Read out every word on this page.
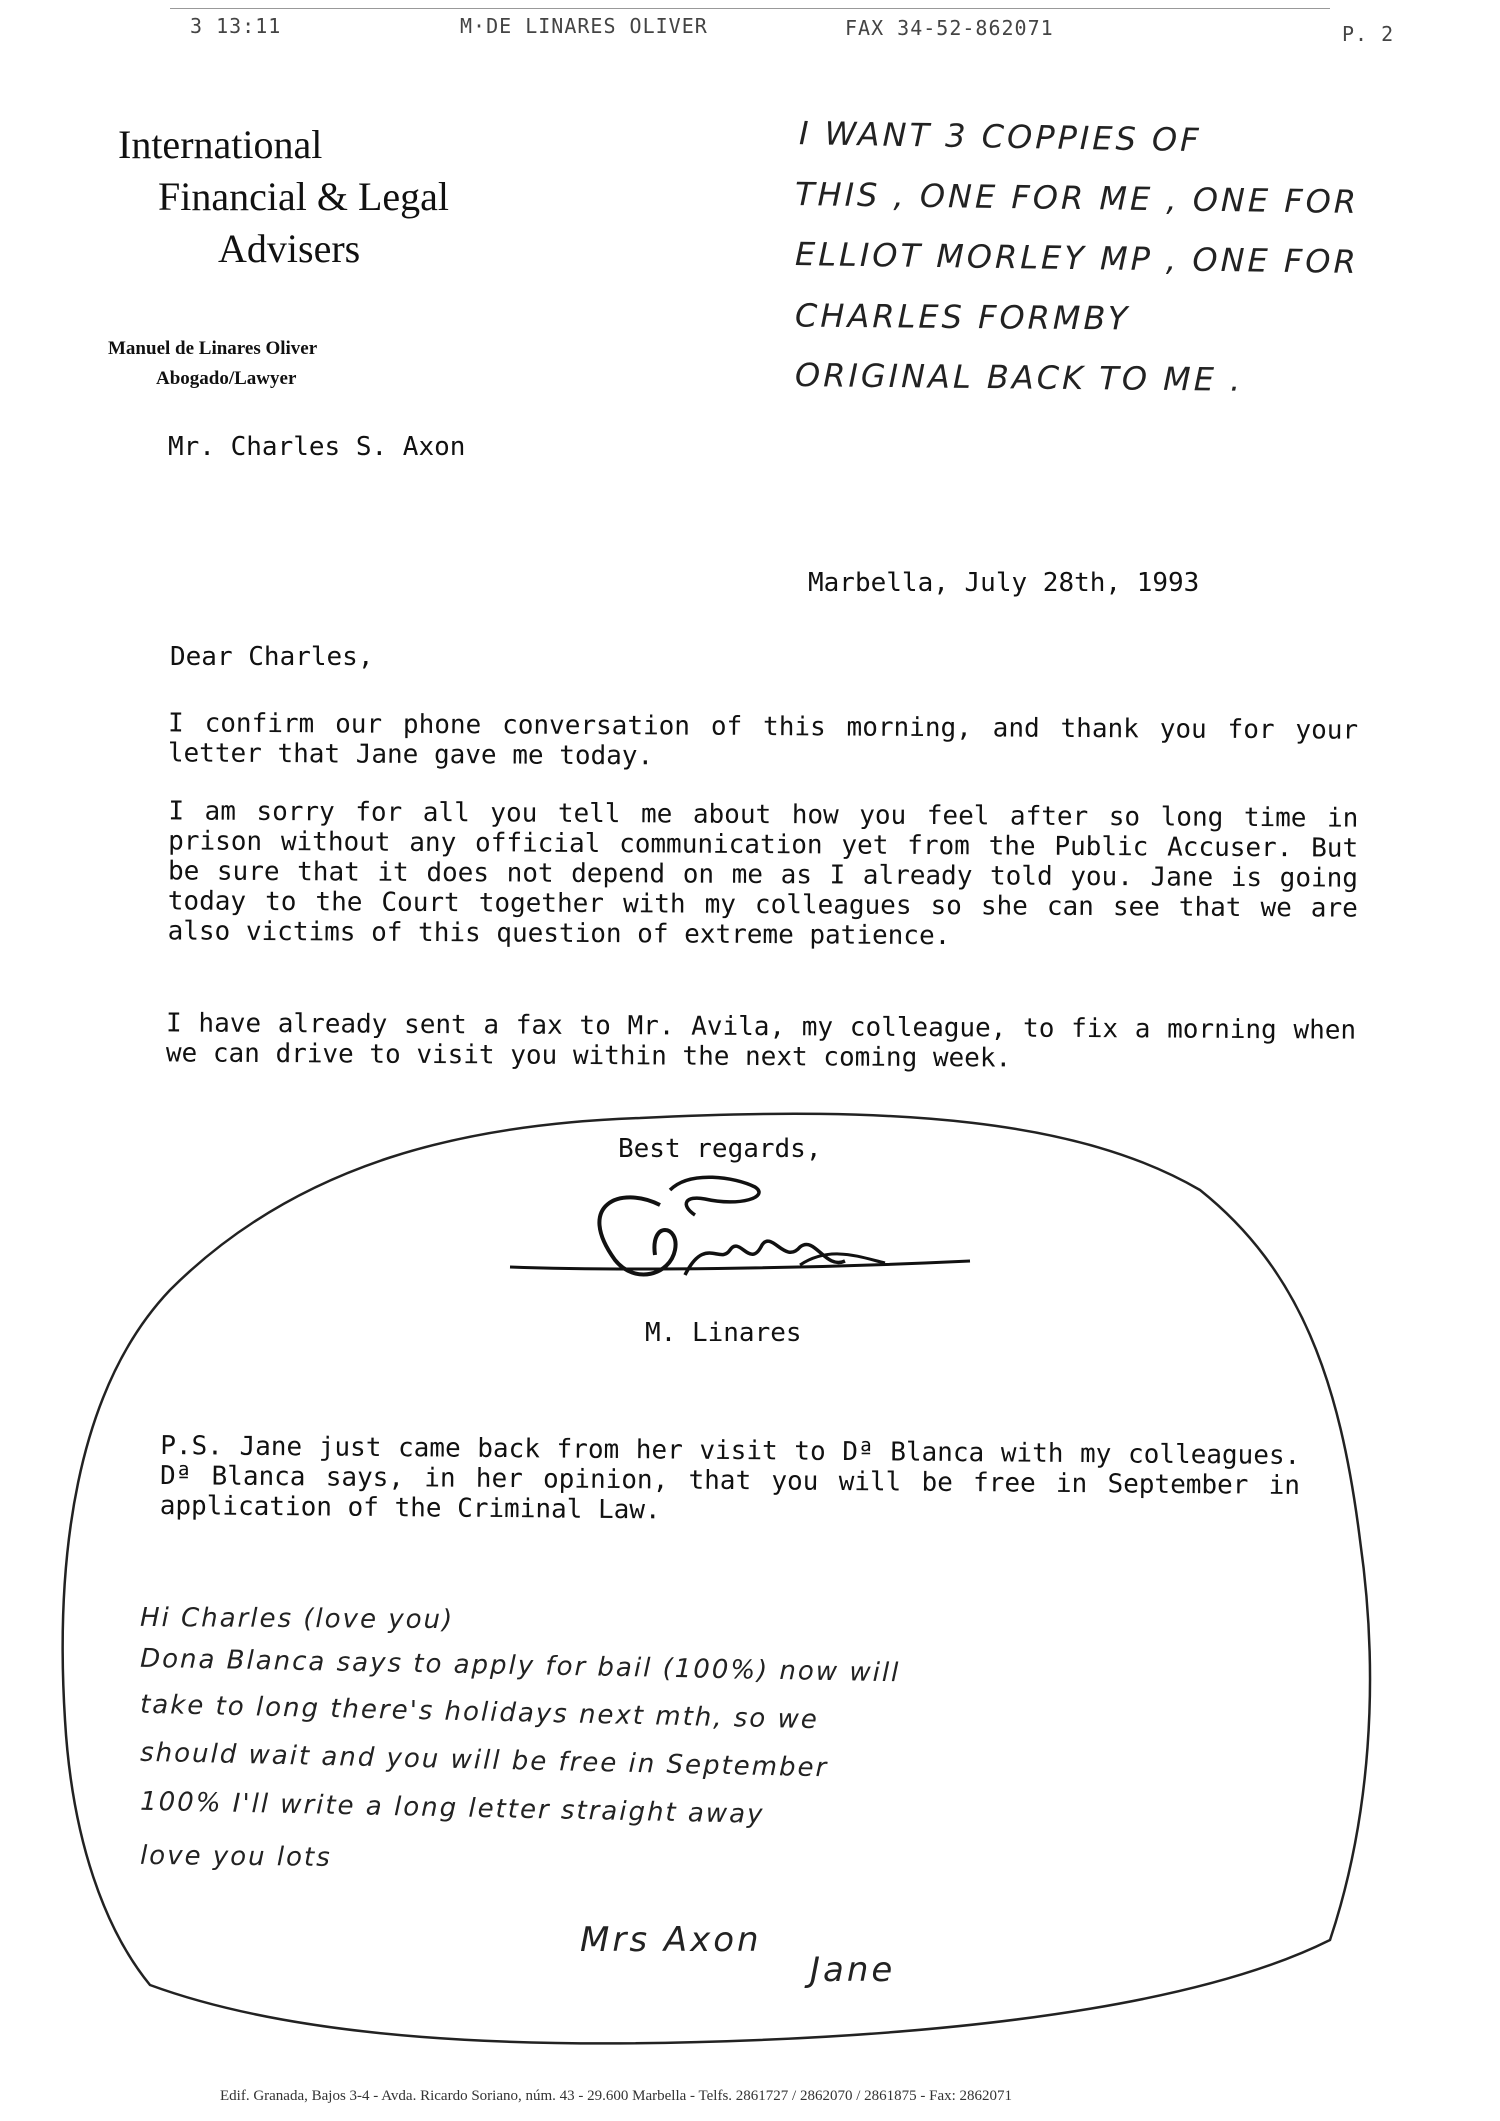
3 13:11	M·DE LINARES OLIVER	FAX 34-52-862071	P. 2
International
Financial & Legal
Advisers
Manuel de Linares Oliver
Abogado/Lawyer
I WANT 3 COPPIES OF
THIS , ONE FOR ME , ONE FOR
ELLIOT MORLEY MP , ONE FOR
CHARLES FORMBY
ORIGINAL BACK TO ME .
Mr. Charles S. Axon
Marbella, July 28th, 1993
Dear Charles,
I confirm our phone conversation of this morning, and thank you for your letter that Jane gave me today.
I am sorry for all you tell me about how you feel after so long time in prison without any official communication yet from the Public Accuser. But be sure that it does not depend on me as I already told you. Jane is going today to the Court together with my colleagues so she can see that we are also victims of this question of extreme patience.
I have already sent a fax to Mr. Avila, my colleague, to fix a morning when we can drive to visit you within the next coming week.
Best regards,
M. Linares
P.S. Jane just came back from her visit to Dª Blanca with my colleagues. Dª Blanca says, in her opinion, that you will be free in September in application of the Criminal Law.
Hi Charles (love you)
Dona Blanca says to apply for bail (100%) now will
take to long there's holidays next mth, so we
should wait and you will be free in September
100% I'll write a long letter straight away
love you lots
Mrs Axon
Jane
Edif. Granada, Bajos 3-4 - Avda. Ricardo Soriano, núm. 43 - 29.600 Marbella - Telfs. 2861727 / 2862070 / 2861875 - Fax: 2862071
